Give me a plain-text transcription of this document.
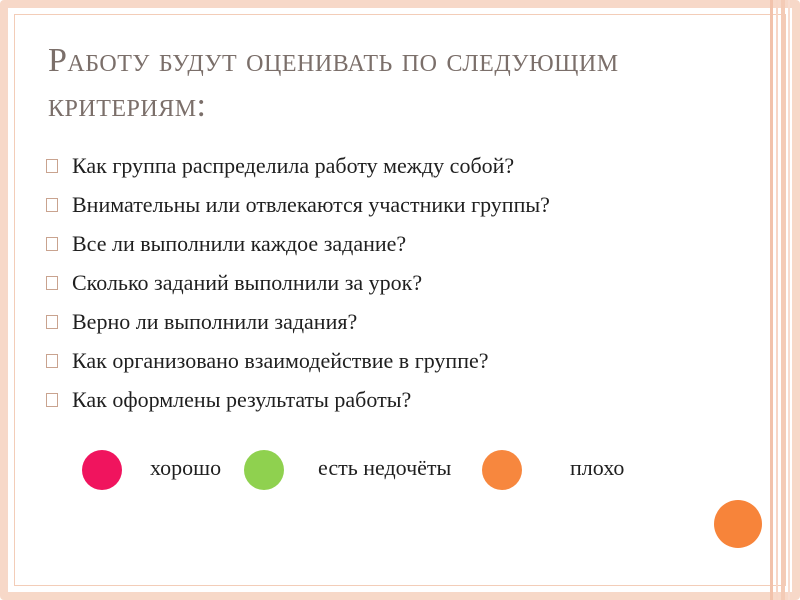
Работу будут оценивать по следующим критериям:
Как группа распределила работу между собой?
Внимательны или отвлекаются участники группы?
Все ли выполнили каждое задание?
Сколько заданий выполнили за урок?
Верно ли выполнили задания?
Как организовано взаимодействие в группе?
Как оформлены результаты работы?
хорошо	есть недочёты	плохо
